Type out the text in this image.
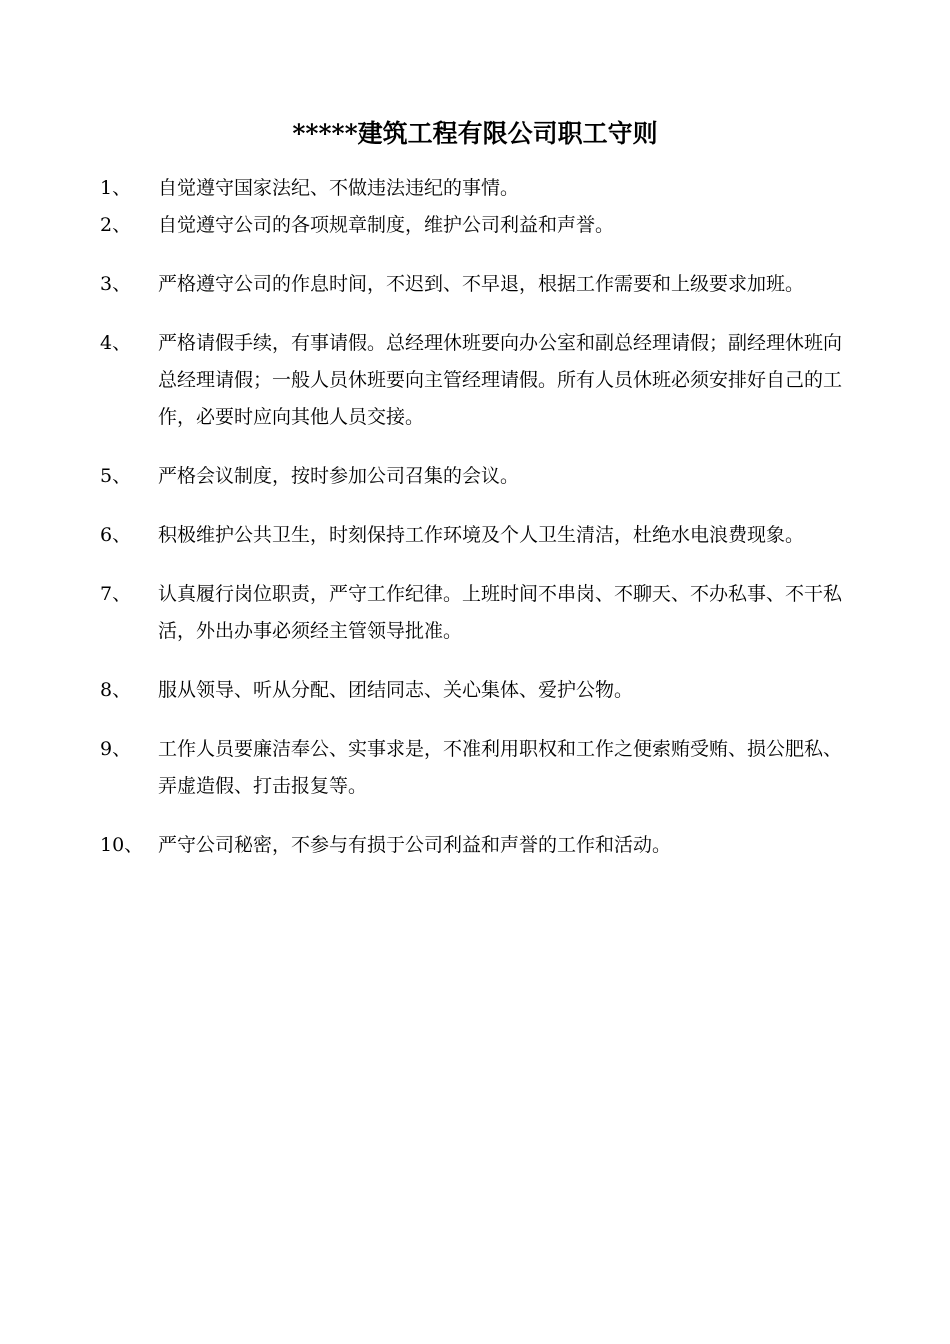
*****建筑工程有限公司职工守则
1、	自觉遵守国家法纪、不做违法违纪的事情。
2、	自觉遵守公司的各项规章制度，维护公司利益和声誉。
3、	严格遵守公司的作息时间，不迟到、不早退，根据工作需要和上级要求加班。
4、	严格请假手续，有事请假。总经理休班要向办公室和副总经理请假；副经理休班向总经理请假；一般人员休班要向主管经理请假。所有人员休班必须安排好自己的工作，必要时应向其他人员交接。
5、	严格会议制度，按时参加公司召集的会议。
6、	积极维护公共卫生，时刻保持工作环境及个人卫生清洁，杜绝水电浪费现象。
7、	认真履行岗位职责，严守工作纪律。上班时间不串岗、不聊天、不办私事、不干私活，外出办事必须经主管领导批准。
8、	服从领导、听从分配、团结同志、关心集体、爱护公物。
9、	工作人员要廉洁奉公、实事求是，不准利用职权和工作之便索贿受贿、损公肥私、弄虚造假、打击报复等。
10、 严守公司秘密，不参与有损于公司利益和声誉的工作和活动。
